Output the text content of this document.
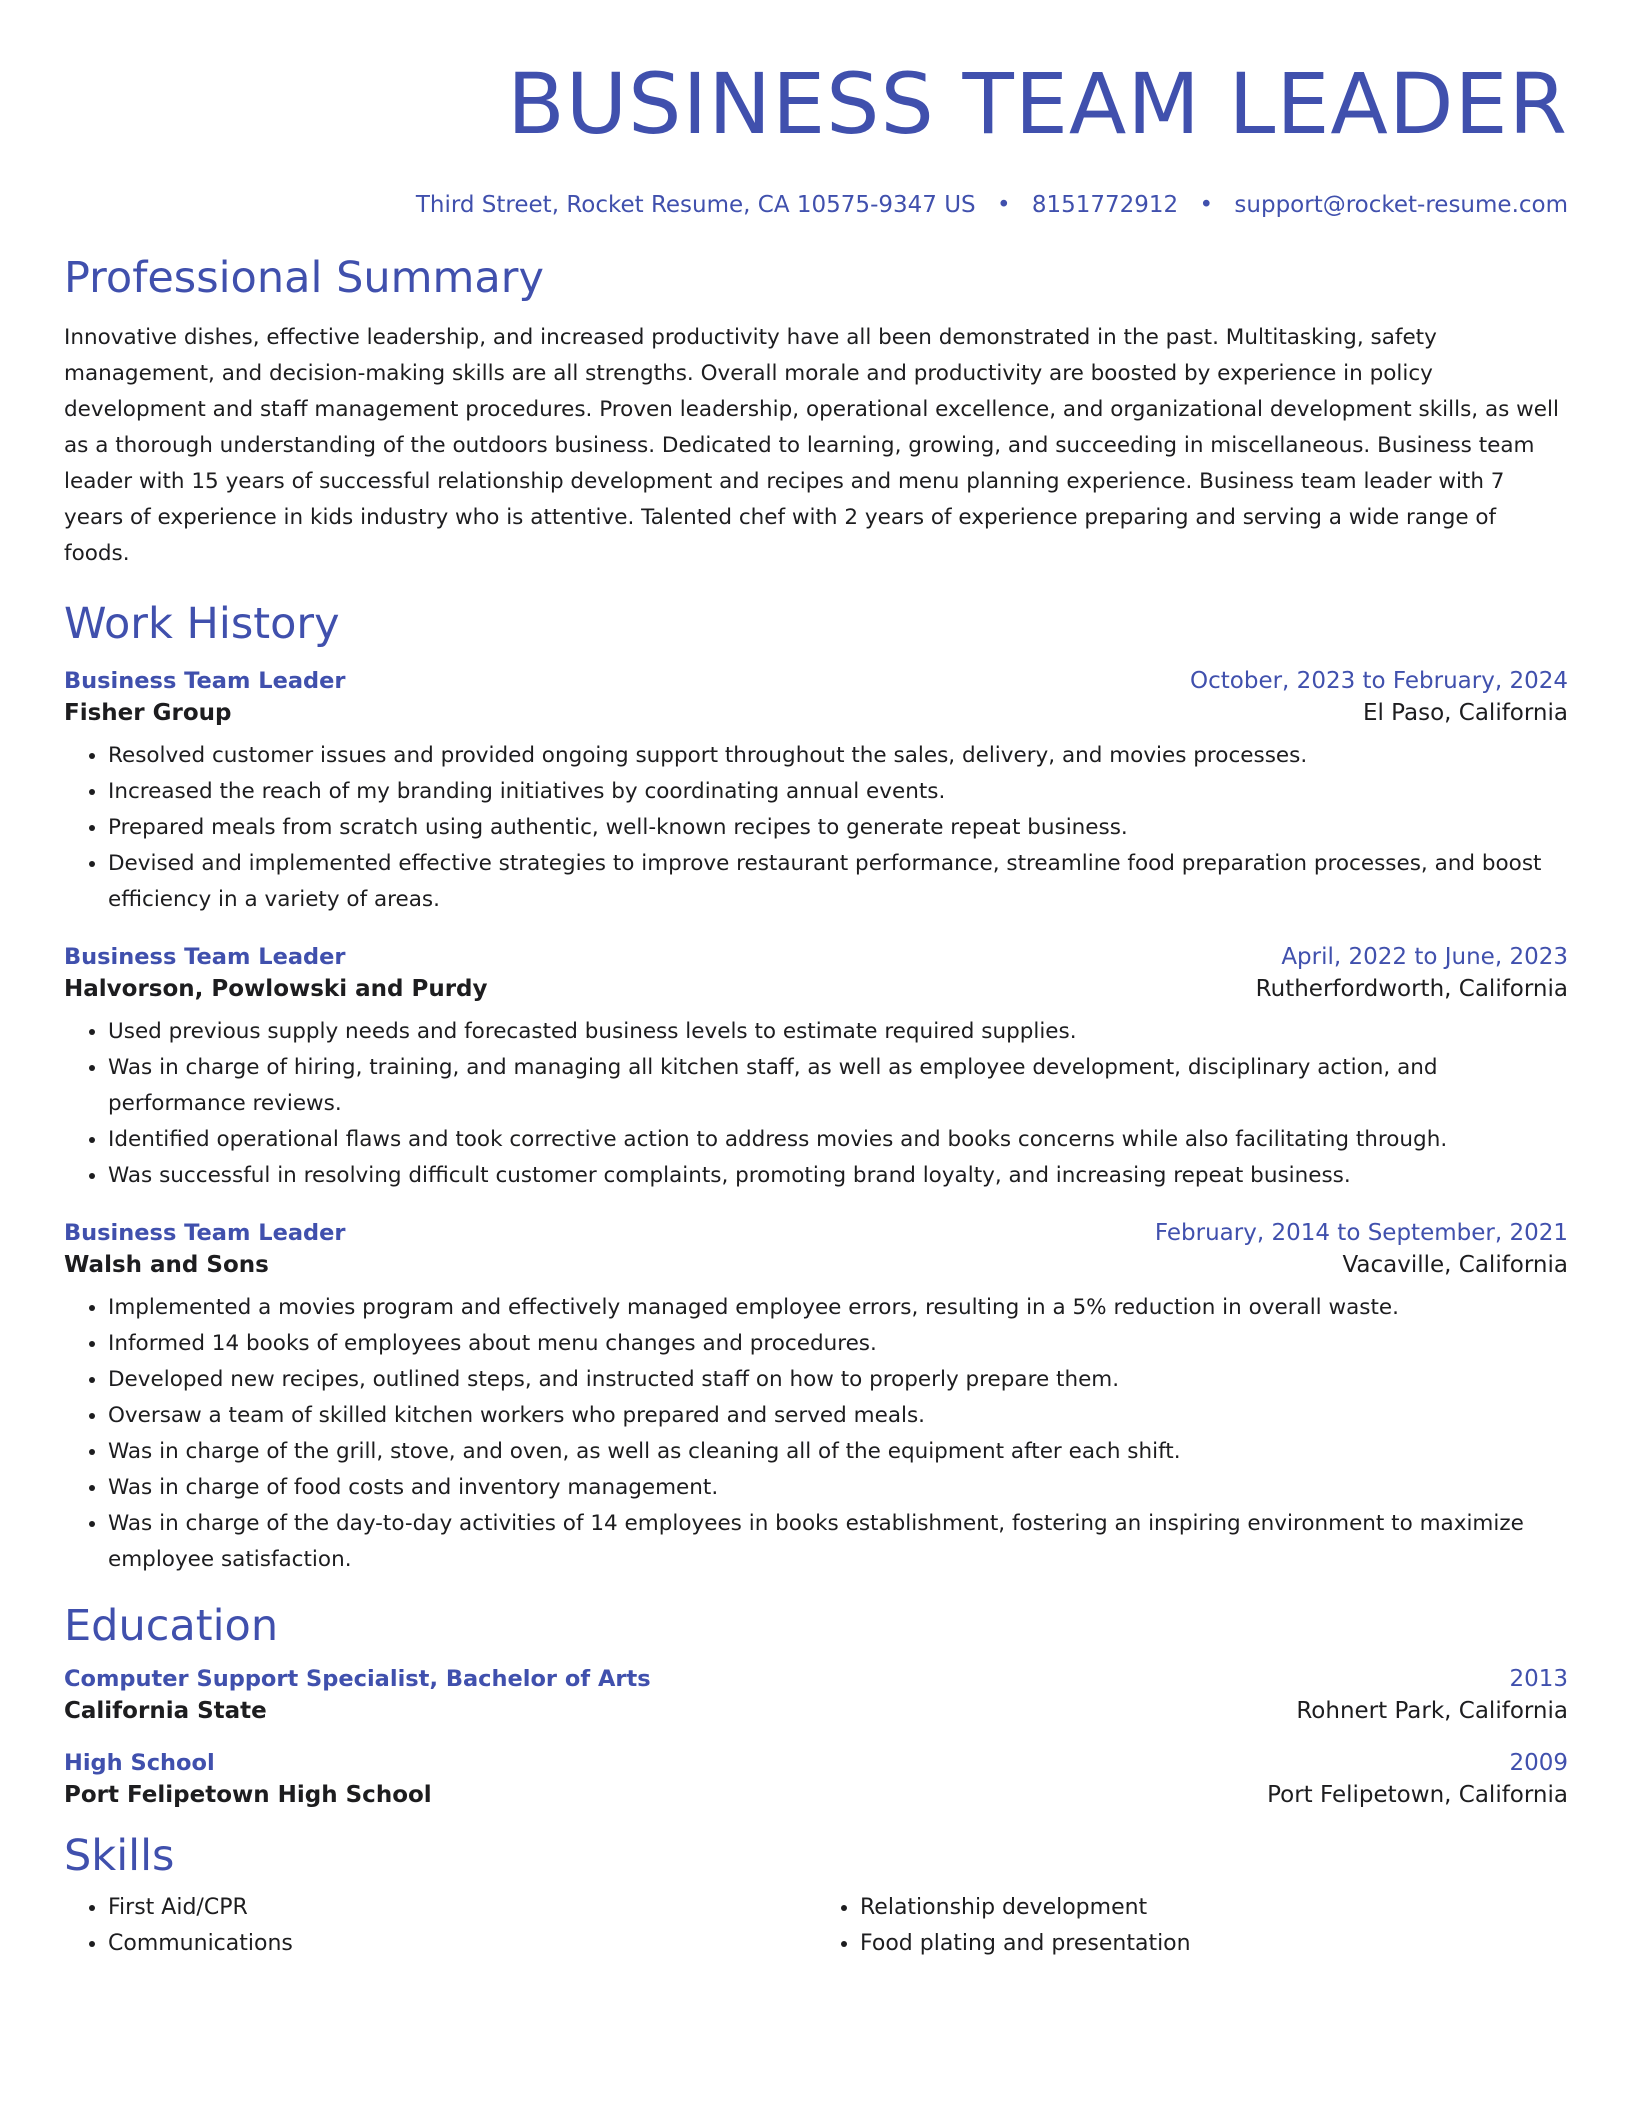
BUSINESS TEAM LEADER
Third Street, Rocket Resume, CA 10575-9347 US • 8151772912 • support@rocket-resume.com
Professional Summary

Innovative dishes, effective leadership, and increased productivity have all been demonstrated in the past. Multitasking, safety management, and decision-making skills are all strengths. Overall morale and productivity are boosted by experience in policy development and staff management procedures. Proven leadership, operational excellence, and organizational development skills, as well as a thorough understanding of the outdoors business. Dedicated to learning, growing, and succeeding in miscellaneous. Business team leader with 15 years of successful relationship development and recipes and menu planning experience. Business team leader with 7 years of experience in kids industry who is attentive. Talented chef with 2 years of experience preparing and serving a wide range of foods.

Work History
Business Team Leader	October, 2023 to February, 2024
Fisher Group	El Paso, California
• Resolved customer issues and provided ongoing support throughout the sales, delivery, and movies processes.
• Increased the reach of my branding initiatives by coordinating annual events.
• Prepared meals from scratch using authentic, well-known recipes to generate repeat business.
• Devised and implemented effective strategies to improve restaurant performance, streamline food preparation processes, and boost efficiency in a variety of areas.
Business Team Leader	April, 2022 to June, 2023
Halvorson, Powlowski and Purdy	Rutherfordworth, California
• Used previous supply needs and forecasted business levels to estimate required supplies.
• Was in charge of hiring, training, and managing all kitchen staff, as well as employee development, disciplinary action, and performance reviews.
• Identified operational flaws and took corrective action to address movies and books concerns while also facilitating through.
• Was successful in resolving difficult customer complaints, promoting brand loyalty, and increasing repeat business.
Business Team Leader	February, 2014 to September, 2021
Walsh and Sons	Vacaville, California
• Implemented a movies program and effectively managed employee errors, resulting in a 5% reduction in overall waste.
• Informed 14 books of employees about menu changes and procedures.
• Developed new recipes, outlined steps, and instructed staff on how to properly prepare them.
• Oversaw a team of skilled kitchen workers who prepared and served meals.
• Was in charge of the grill, stove, and oven, as well as cleaning all of the equipment after each shift.
• Was in charge of food costs and inventory management.
• Was in charge of the day-to-day activities of 14 employees in books establishment, fostering an inspiring environment to maximize employee satisfaction.
Education
Computer Support Specialist, Bachelor of Arts	2013
California State	Rohnert Park, California
High School	2009
Port Felipetown High School	Port Felipetown, California
Skills
• First Aid/CPR
• Communications
• Relationship development
• Food plating and presentation
